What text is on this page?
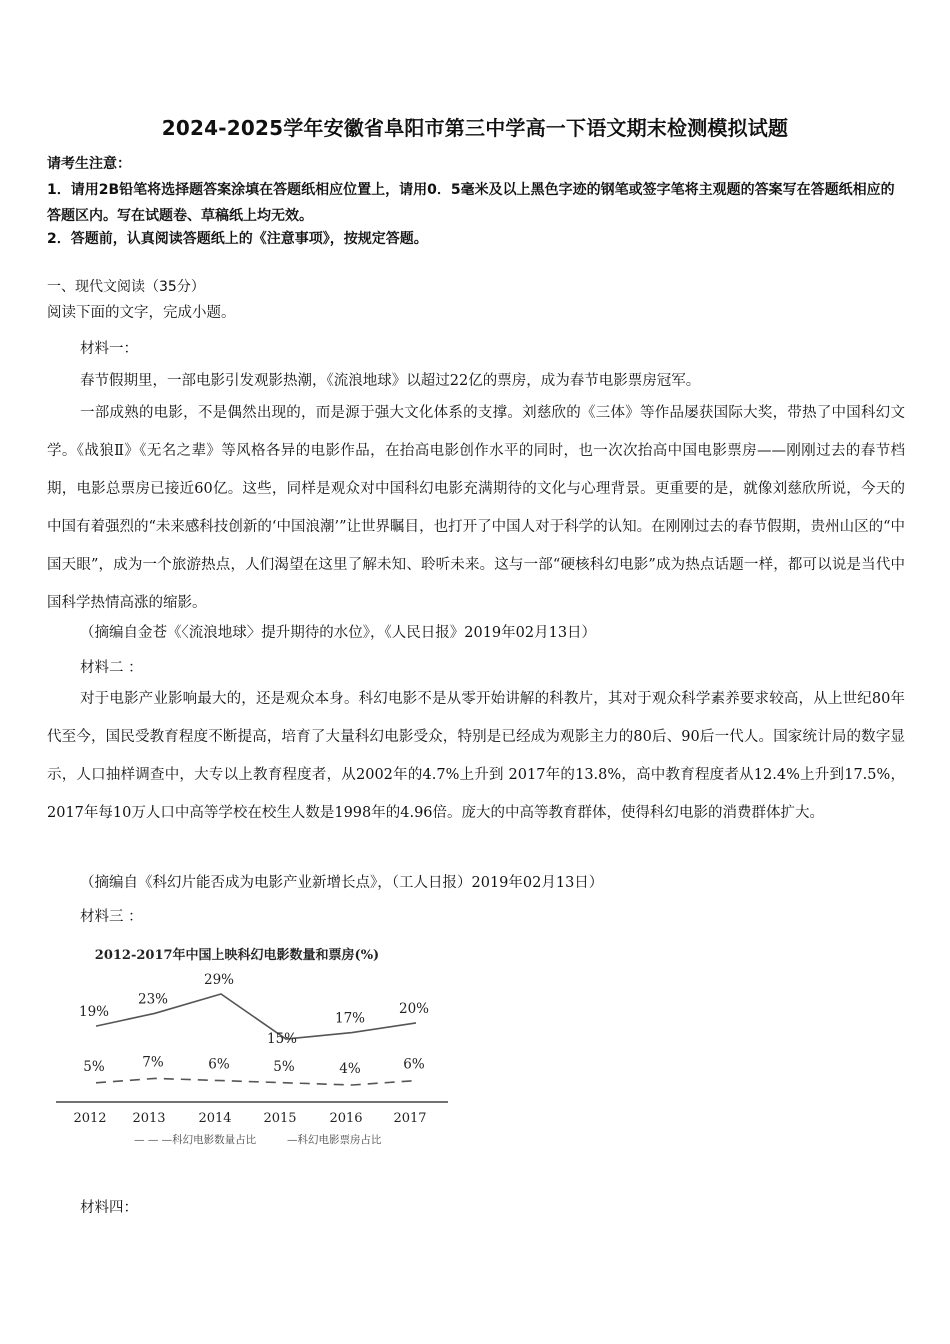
2024-2025学年安徽省阜阳市第三中学高一下语文期末检测模拟试题
请考生注意：
1．请用2B铅笔将选择题答案涂填在答题纸相应位置上，请用0．5毫米及以上黑色字迹的钢笔或签字笔将主观题的答案写在答题纸相应的答题区内。写在试题卷、草稿纸上均无效。
2．答题前，认真阅读答题纸上的《注意事项》，按规定答题。
一、现代文阅读（35分）
阅读下面的文字，完成小题。
材料一：
春节假期里，一部电影引发观影热潮，《流浪地球》以超过22亿的票房，成为春节电影票房冠军。
一部成熟的电影，不是偶然出现的，而是源于强大文化体系的支撑。刘慈欣的《三体》等作品屡获国际大奖，带热了中国科幻文学。《战狼Ⅱ》《无名之辈》等风格各异的电影作品，在抬高电影创作水平的同时，也一次次抬高中国电影票房——刚刚过去的春节档期，电影总票房已接近60亿。这些，同样是观众对中国科幻电影充满期待的文化与心理背景。更重要的是，就像刘慈欣所说，今天的中国有着强烈的“未来感科技创新的‘中国浪潮’”让世界瞩目，也打开了中国人对于科学的认知。在刚刚过去的春节假期，贵州山区的“中国天眼”，成为一个旅游热点，人们渴望在这里了解未知、聆听未来。这与一部“硬核科幻电影”成为热点话题一样，都可以说是当代中国科学热情高涨的缩影。
（摘编自金苍《〈流浪地球〉提升期待的水位》，《人民日报》2019年02月13日）
材料二 ：
对于电影产业影响最大的，还是观众本身。科幻电影不是从零开始讲解的科教片，其对于观众科学素养要求较高，从上世纪80年代至今，国民受教育程度不断提高，培育了大量科幻电影受众，特别是已经成为观影主力的80后、90后一代人。国家统计局的数字显示，人口抽样调查中，大专以上教育程度者，从2002年的4.7%上升到 2017年的13.8%，高中教育程度者从12.4%上升到17.5%，2017年每10万人口中高等学校在校生人数是1998年的4.96倍。庞大的中高等教育群体，使得科幻电影的消费群体扩大。
（摘编自《科幻片能否成为电影产业新增长点》，（工人日报）2019年02月13日）
材料三 ：
2012-2017年中国上映科幻电影数量和票房(%)
19%
23%
29%
15%
17%
20%
5%	7%	6%	5%	4%	6%
2012 2013	2014 2015	2016 2017
— — —科幻电影数量占比	—科幻电影票房占比
材料四：
